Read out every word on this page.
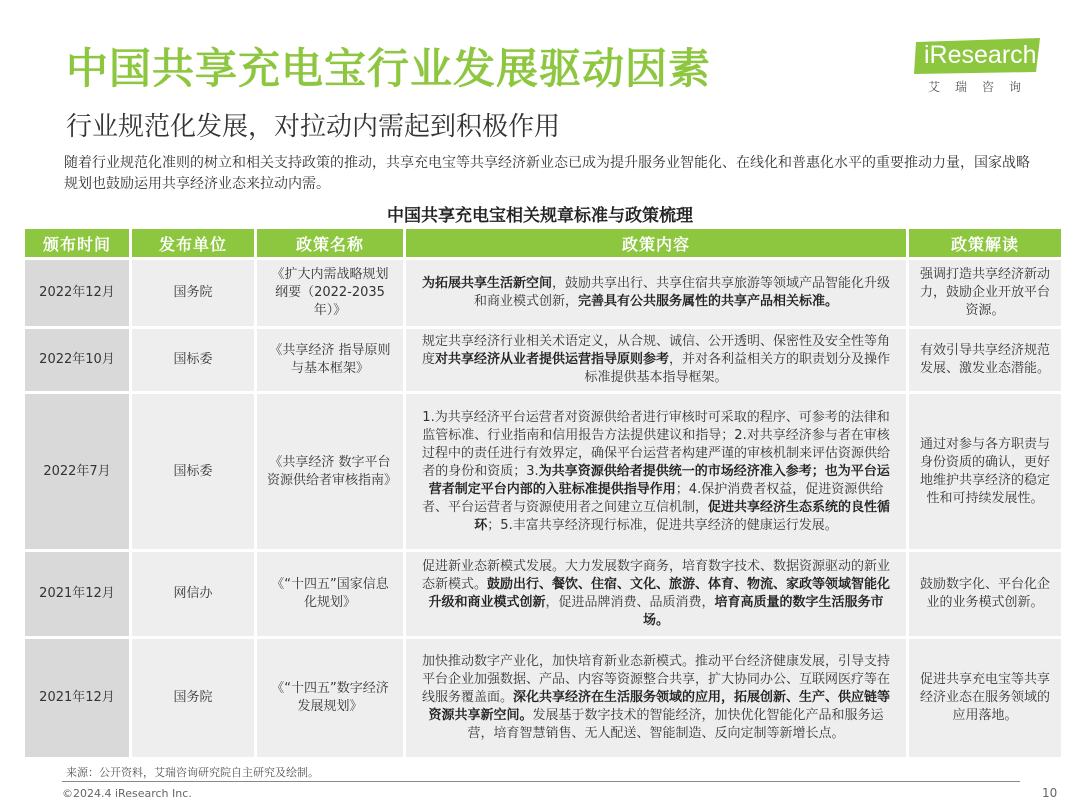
中国共享充电宝行业发展驱动因素
行业规范化发展，对拉动内需起到积极作用
iResearch
艾瑞咨询
随着行业规范化准则的树立和相关支持政策的推动，共享充电宝等共享经济新业态已成为提升服务业智能化、在线化和普惠化水平的重要推动力量，国家战略规划也鼓励运用共享经济业态来拉动内需。
中国共享充电宝相关规章标准与政策梳理
颁布时间	发布单位	政策名称	政策内容	政策解读
2022年12月	国务院	《扩大内需战略规划纲要（2022-2035年）》	为拓展共享生活新空间，鼓励共享出行、共享住宿共享旅游等领域产品智能化升级和商业模式创新，完善具有公共服务属性的共享产品相关标准。	强调打造共享经济新动力，鼓励企业开放平台资源。
2022年10月	国标委	《共享经济 指导原则与基本框架》	规定共享经济行业相关术语定义，从合规、诚信、公开透明、保密性及安全性等角度对共享经济从业者提供运营指导原则参考，并对各利益相关方的职责划分及操作标准提供基本指导框架。	有效引导共享经济规范发展、激发业态潜能。
2022年7月	国标委	《共享经济 数字平台资源供给者审核指南》	1.为共享经济平台运营者对资源供给者进行审核时可采取的程序、可参考的法律和监管标准、行业指南和信用报告方法提供建议和指导；2.对共享经济参与者在审核过程中的责任进行有效界定，确保平台运营者构建严谨的审核机制来评估资源供给者的身份和资质；3.为共享资源供给者提供统一的市场经济准入参考；也为平台运营者制定平台内部的入驻标准提供指导作用；4.保护消费者权益，促进资源供给者、平台运营者与资源使用者之间建立互信机制，促进共享经济生态系统的良性循环；5.丰富共享经济现行标准，促进共享经济的健康运行发展。	通过对参与各方职责与身份资质的确认，更好地维护共享经济的稳定性和可持续发展性。
2021年12月	网信办	《“十四五”国家信息化规划》	促进新业态新模式发展。大力发展数字商务，培育数字技术、数据资源驱动的新业态新模式。鼓励出行、餐饮、住宿、文化、旅游、体育、物流、家政等领域智能化升级和商业模式创新，促进品牌消费、品质消费，培育高质量的数字生活服务市场。	鼓励数字化、平台化企业的业务模式创新。
2021年12月	国务院	《“十四五”数字经济发展规划》	加快推动数字产业化，加快培育新业态新模式。推动平台经济健康发展，引导支持平台企业加强数据、产品、内容等资源整合共享，扩大协同办公、互联网医疗等在线服务覆盖面。深化共享经济在生活服务领域的应用，拓展创新、生产、供应链等资源共享新空间。发展基于数字技术的智能经济，加快优化智能化产品和服务运营，培育智慧销售、无人配送、智能制造、反向定制等新增长点。	促进共享充电宝等共享经济业态在服务领域的应用落地。
来源：公开资料，艾瑞咨询研究院自主研究及绘制。
©2024.4 iResearch Inc.	10
